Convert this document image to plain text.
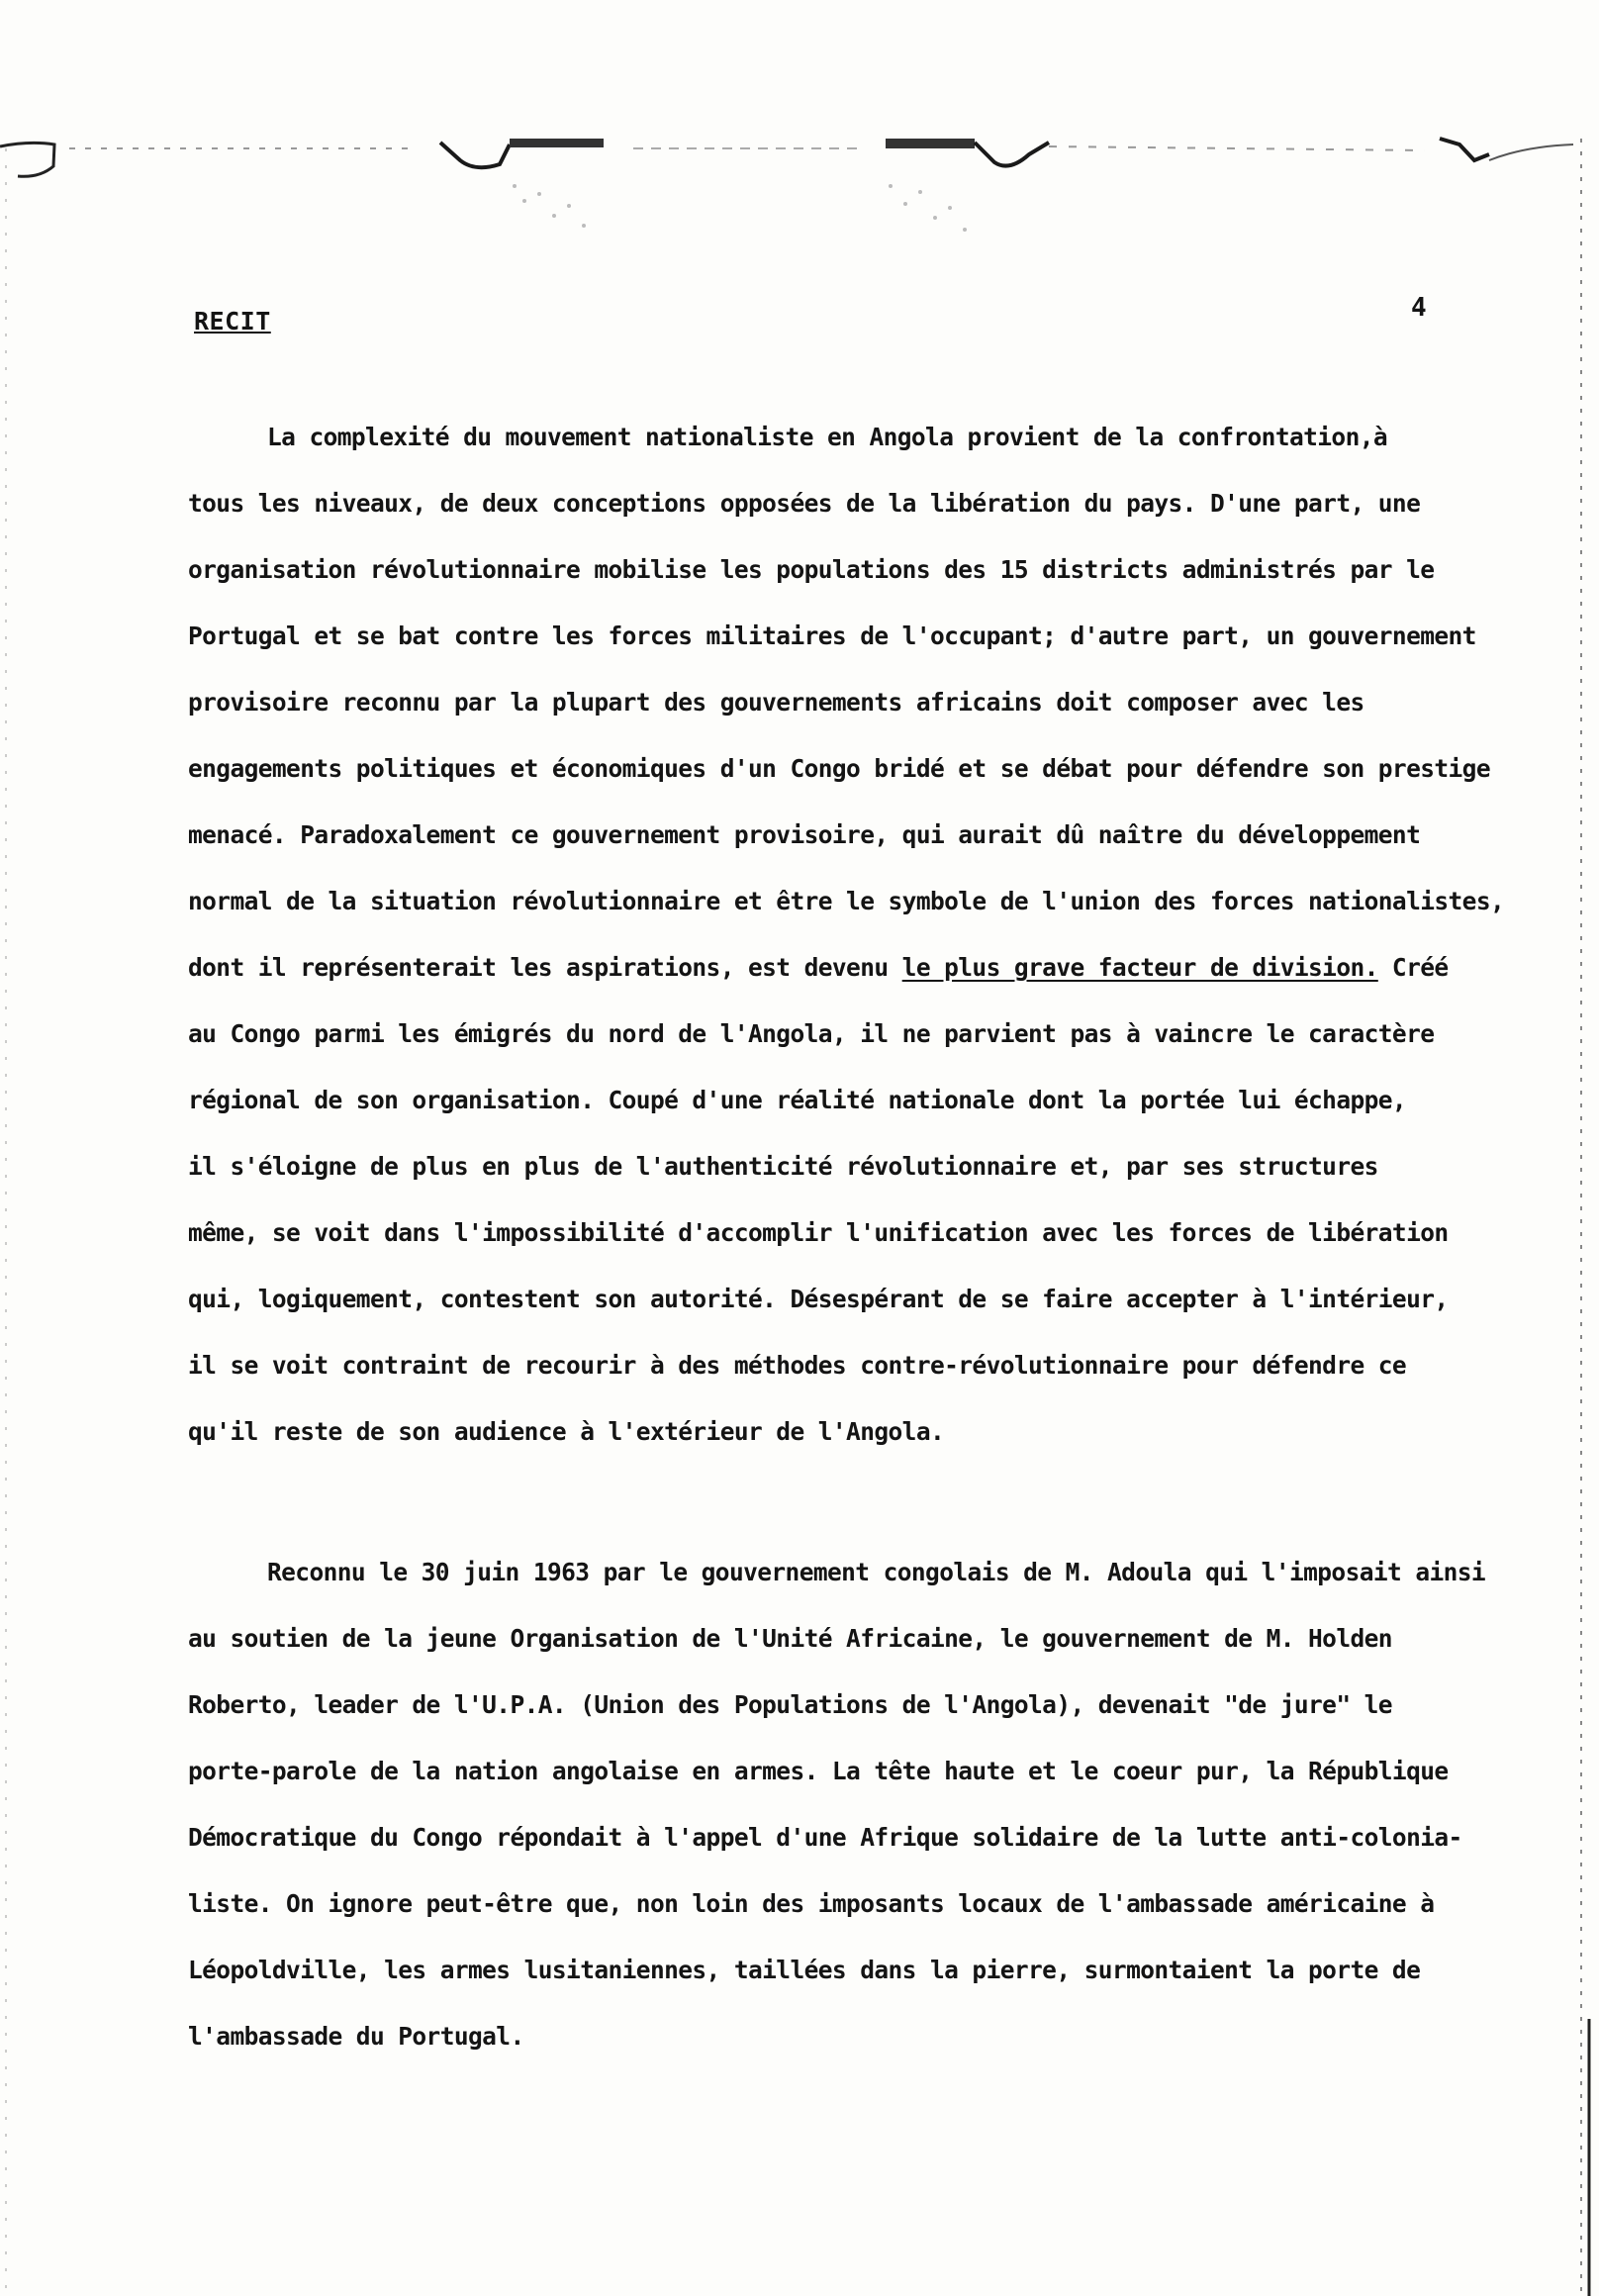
RECIT	4

La complexité du mouvement nationaliste en Angola provient de la confrontation,à
tous les niveaux, de deux conceptions opposées de la libération du pays. D'une part, une
organisation révolutionnaire mobilise les populations des 15 districts administrés par le
Portugal et se bat contre les forces militaires de l'occupant; d'autre part, un gouvernement
provisoire reconnu par la plupart des gouvernements africains doit composer avec les
engagements politiques et économiques d'un Congo bridé et se débat pour défendre son prestige
menacé. Paradoxalement ce gouvernement provisoire, qui aurait dû naître du développement
normal de la situation révolutionnaire et être le symbole de l'union des forces nationalistes,
dont il représenterait les aspirations, est devenu le plus grave facteur de division. Créé
au Congo parmi les émigrés du nord de l'Angola, il ne parvient pas à vaincre le caractère
régional de son organisation. Coupé d'une réalité nationale dont la portée lui échappe,
il s'éloigne de plus en plus de l'authenticité révolutionnaire et, par ses structures
même, se voit dans l'impossibilité d'accomplir l'unification avec les forces de libération
qui, logiquement, contestent son autorité. Désespérant de se faire accepter à l'intérieur,
il se voit contraint de recourir à des méthodes contre-révolutionnaire pour défendre ce
qu'il reste de son audience à l'extérieur de l'Angola.

Reconnu le 30 juin 1963 par le gouvernement congolais de M. Adoula qui l'imposait ainsi
au soutien de la jeune Organisation de l'Unité Africaine, le gouvernement de M. Holden
Roberto, leader de l'U.P.A. (Union des Populations de l'Angola), devenait "de jure" le
porte-parole de la nation angolaise en armes. La tête haute et le coeur pur, la République
Démocratique du Congo répondait à l'appel d'une Afrique solidaire de la lutte anti-colonia-
liste. On ignore peut-être que, non loin des imposants locaux de l'ambassade américaine à
Léopoldville, les armes lusitaniennes, taillées dans la pierre, surmontaient la porte de
l'ambassade du Portugal.
